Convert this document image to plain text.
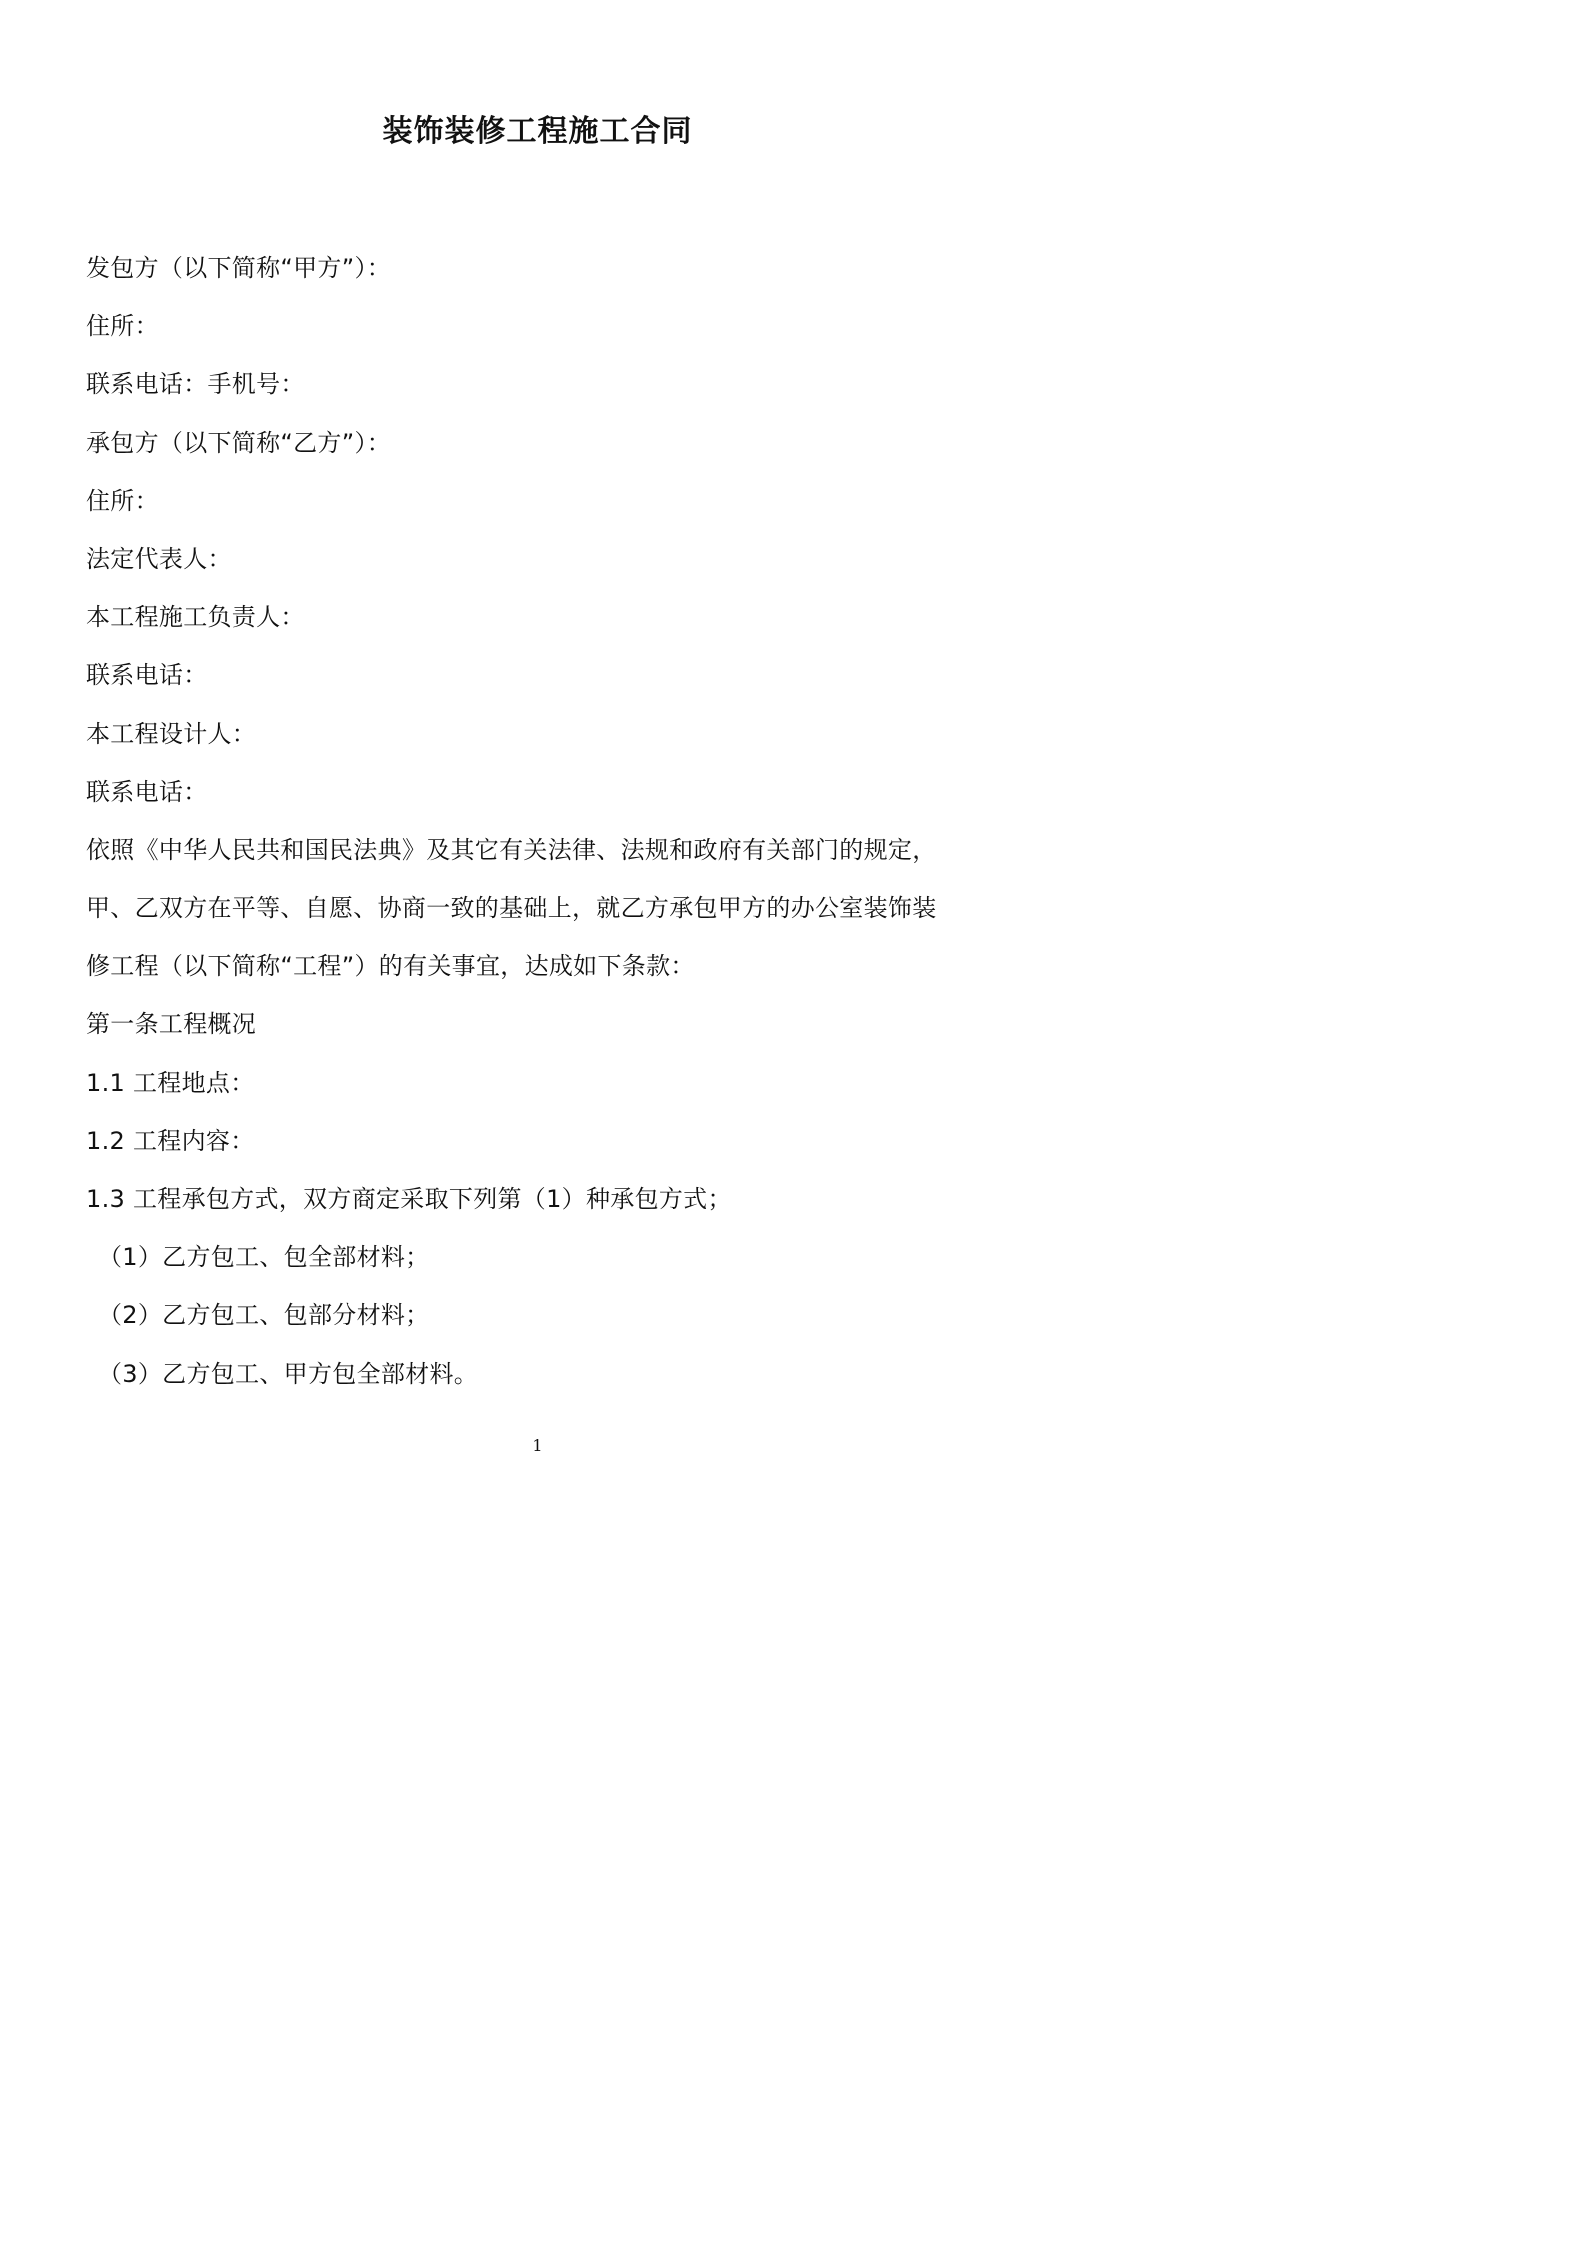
装饰装修工程施工合同
发包方（以下简称“甲方”）：
住所：
联系电话：手机号：
承包方（以下简称“乙方”）：
住所：
法定代表人：
本工程施工负责人：
联系电话：
本工程设计人：
联系电话：
依照《中华人民共和国民法典》及其它有关法律、法规和政府有关部门的规定，
甲、乙双方在平等、自愿、协商一致的基础上，就乙方承包甲方的办公室装饰装
修工程（以下简称“工程”）的有关事宜，达成如下条款：
第一条工程概况
1.1 工程地点：
1.2 工程内容：
1.3 工程承包方式，双方商定采取下列第（1）种承包方式；
（1）乙方包工、包全部材料；
（2）乙方包工、包部分材料；
（3）乙方包工、甲方包全部材料。
1
